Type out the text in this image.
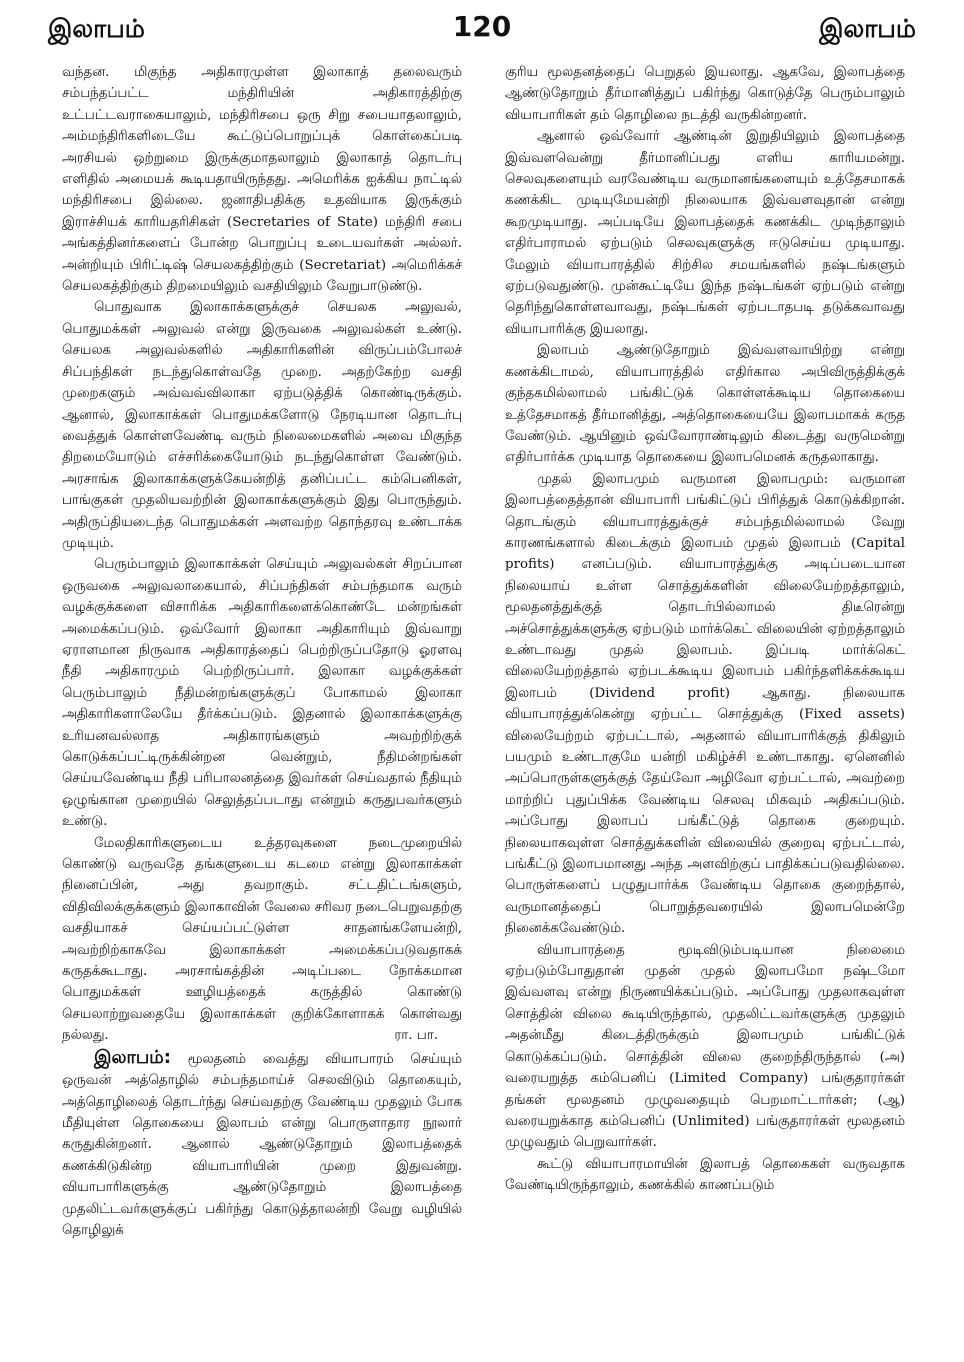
இலாபம்	120	இலாபம்

வந்தன. மிகுந்த அதிகாரமுள்ள இலாகாத் தலைவரும் சம்பந்தப்பட்ட மந்திரியின் அதிகாரத்திற்கு உட்பட்டவராகையாலும், மந்திரிசபை ஒரு சிறு சபையாதலாலும், அம்மந்திரிகளிடையே கூட்டுப்பொறுப்புக் கொள்கைப்படி அரசியல் ஒற்றுமை இருக்குமாதலாலும் இலாகாத் தொடர்பு எளிதில் அமையக் கூடியதாயிருந்தது. அமெரிக்க ஐக்கிய நாட்டில் மந்திரிசபை இல்லை. ஜனாதிபதிக்கு உதவியாக இருக்கும் இராச்சியக் காரியதரிசிகள் (Secretaries of State) மந்திரி சபை அங்கத்தினர்களைப் போன்ற பொறுப்பு உடையவர்கள் அல்லர். அன்றியும் பிரிட்டிஷ் செயலகத்திற்கும் (Secretariat) அமெரிக்கச் செயலகத்திற்கும் திறமையிலும் வசதியிலும் வேறுபாடுண்டு.

பொதுவாக இலாகாக்களுக்குச் செயலக அலுவல், பொதுமக்கள் அலுவல் என்று இருவகை அலுவல்கள் உண்டு. செயலக அலுவல்களில் அதிகாரிகளின் விருப்பம்போலச் சிப்பந்திகள் நடந்துகொள்வதே முறை. அதற்கேற்ற வசதி முறைகளும் அவ்வவ்விலாகா ஏற்படுத்திக் கொண்டிருக்கும். ஆனால், இலாகாக்கள் பொதுமக்களோடு நேரடியான தொடர்பு வைத்துக் கொள்ளவேண்டி வரும் நிலைமைகளில் அவை மிகுந்த திறமையோடும் எச்சரிக்கையோடும் நடந்துகொள்ள வேண்டும். அரசாங்க இலாகாக்களுக்கேயன்றித் தனிப்பட்ட கம்பெனிகள், பாங்குகள் முதலியவற்றின் இலாகாக்களுக்கும் இது பொருந்தும். அதிருப்தியடைந்த பொதுமக்கள் அளவற்ற தொந்தரவு உண்டாக்க முடியும்.

பெரும்பாலும் இலாகாக்கள் செய்யும் அலுவல்கள் சிறப்பான ஒருவகை அலுவலாகையால், சிப்பந்திகள் சம்பந்தமாக வரும் வழக்குக்களை விசாரிக்க அதிகாரிகளைக்கொண்டே மன்றங்கள் அமைக்கப்படும். ஒவ்வோர் இலாகா அதிகாரியும் இவ்வாறு ஏராளமான நிருவாக அதிகாரத்தைப் பெற்றிருப்பதோடு ஓரளவு நீதி அதிகாரமும் பெற்றிருப்பார். இலாகா வழக்குக்கள் பெரும்பாலும் நீதிமன்றங்களுக்குப் போகாமல் இலாகா அதிகாரிகளாலேயே தீர்க்கப்படும். இதனால் இலாகாக்களுக்கு உரியனவல்லாத அதிகாரங்களும் அவற்றிற்குக் கொடுக்கப்பட்டிருக்கின்றன வென்றும், நீதிமன்றங்கள் செய்யவேண்டிய நீதி பரிபாலனத்தை இவர்கள் செய்வதால் நீதியும் ஒழுங்கான முறையில் செலுத்தப்படாது என்றும் கருதுபவர்களும் உண்டு.

மேலதிகாரிகளுடைய உத்தரவுகளை நடைமுறையில் கொண்டு வருவதே தங்களுடைய கடமை என்று இலாகாக்கள் நினைப்பின், அது தவறாகும். சட்டதிட்டங்களும், விதிவிலக்குக்களும் இலாகாவின் வேலை சரிவர நடைபெறுவதற்கு வசதியாகச் செய்யப்பட்டுள்ள சாதனங்களேயன்றி, அவற்றிற்காகவே இலாகாக்கள் அமைக்கப்படுவதாகக் கருதக்கூடாது. அரசாங்கத்தின் அடிப்படை நோக்கமான பொதுமக்கள் ஊழியத்தைக் கருத்தில் கொண்டு செயலாற்றுவதையே இலாகாக்கள் குறிக்கோளாகக் கொள்வது நல்லது.	ரா. பா.

இலாபம்: மூலதனம் வைத்து வியாபாரம் செய்யும் ஒருவன் அத்தொழில் சம்பந்தமாய்ச் செலவிடும் தொகையும், அத்தொழிலைத் தொடர்ந்து செய்வதற்கு வேண்டிய முதலும் போக மீதியுள்ள தொகையை இலாபம் என்று பொருளாதார நூலார் கருதுகின்றனர். ஆனால் ஆண்டுதோறும் இலாபத்தைக் கணக்கிடுகின்ற வியாபாரியின் முறை இதுவன்று. வியாபாரிகளுக்கு ஆண்டுதோறும் இலாபத்தை முதலிட்டவர்களுக்குப் பகிர்ந்து கொடுத்தாலன்றி வேறு வழியில் தொழிலுக்

குரிய மூலதனத்தைப் பெறுதல் இயலாது. ஆகவே, இலாபத்தை ஆண்டுதோறும் தீர்மானித்துப் பகிர்ந்து கொடுத்தே பெரும்பாலும் வியாபாரிகள் தம் தொழிலை நடத்தி வருகின்றனர்.

ஆனால் ஒவ்வோர் ஆண்டின் இறுதியிலும் இலாபத்தை இவ்வளவென்று தீர்மானிப்பது எளிய காரியமன்று. செலவுகளையும் வரவேண்டிய வருமானங்களையும் உத்தேசமாகக் கணக்கிட முடியுமேயன்றி நிலையாக இவ்வளவுதான் என்று கூறமுடியாது. அப்படியே இலாபத்தைக் கணக்கிட முடிந்தாலும் எதிர்பாராமல் ஏற்படும் செலவுகளுக்கு ஈடுசெய்ய முடியாது. மேலும் வியாபாரத்தில் சிற்சில சமயங்களில் நஷ்டங்களும் ஏற்படுவதுண்டு. முன்கூட்டியே இந்த நஷ்டங்கள் ஏற்படும் என்று தெரிந்துகொள்ளவாவது, நஷ்டங்கள் ஏற்படாதபடி தடுக்கவாவது வியாபாரிக்கு இயலாது.

இலாபம் ஆண்டுதோறும் இவ்வளவாயிற்று என்று கணக்கிடாமல், வியாபாரத்தில் எதிர்கால அபிவிருத்திக்குக் குந்தகமில்லாமல் பங்கிட்டுக் கொள்ளக்கூடிய தொகையை உத்தேசமாகத் தீர்மானித்து, அத்தொகையையே இலாபமாகக் கருத வேண்டும். ஆயினும் ஒவ்வோராண்டிலும் கிடைத்து வருமென்று எதிர்பார்க்க முடியாத தொகையை இலாபமெனக் கருதலாகாது.

முதல் இலாபமும் வருமான இலாபமும்: வருமான இலாபத்தைத்தான் வியாபாரி பங்கிட்டுப் பிரித்துக் கொடுக்கிறான். தொடங்கும் வியாபாரத்துக்குச் சம்பந்தமில்லாமல் வேறு காரணங்களால் கிடைக்கும் இலாபம் முதல் இலாபம் (Capital profits) எனப்படும். வியாபாரத்துக்கு அடிப்படையான நிலையாய் உள்ள சொத்துக்களின் விலையேற்றத்தாலும், மூலதனத்துக்குத் தொடர்பில்லாமல் திடீரென்று அச்சொத்துக்களுக்கு ஏற்படும் மார்க்கெட் விலையின் ஏற்றத்தாலும் உண்டாவது முதல் இலாபம். இப்படி மார்க்கெட் விலையேற்றத்தால் ஏற்படக்கூடிய இலாபம் பகிர்ந்தளிக்கக்கூடிய இலாபம் (Dividend profit) ஆகாது. நிலையாக வியாபாரத்துக்கென்று ஏற்பட்ட சொத்துக்கு (Fixed assets) விலையேற்றம் ஏற்பட்டால், அதனால் வியாபாரிக்குத் திகிலும் பயமும் உண்டாகுமே யன்றி மகிழ்ச்சி உண்டாகாது. ஏனெனில் அப்பொருள்களுக்குத் தேய்வோ அழிவோ ஏற்பட்டால், அவற்றை மாற்றிப் புதுப்பிக்க வேண்டிய செலவு மிகவும் அதிகப்படும். அப்போது இலாபப் பங்கீட்டுத் தொகை குறையும். நிலையாகவுள்ள சொத்துக்களின் விலையில் குறைவு ஏற்பட்டால், பங்கீட்டு இலாபமானது அந்த அளவிற்குப் பாதிக்கப்படுவதில்லை. பொருள்களைப் பழுதுபார்க்க வேண்டிய தொகை குறைந்தால், வருமானத்தைப் பொறுத்தவரையில் இலாபமென்றே நினைக்கவேண்டும்.

வியாபாரத்தை மூடிவிடும்படியான நிலைமை ஏற்படும்போதுதான் முதன் முதல் இலாபமோ நஷ்டமோ இவ்வளவு என்று நிருணயிக்கப்படும். அப்போது முதலாகவுள்ள சொத்தின் விலை கூடியிருந்தால், முதலிட்டவர்களுக்கு முதலும் அதன்மீது கிடைத்திருக்கும் இலாபமும் பங்கிட்டுக் கொடுக்கப்படும். சொத்தின் விலை குறைந்திருந்தால் (அ) வரையறுத்த கம்பெனிப் (Limited Company) பங்குதாரர்கள் தங்கள் மூலதனம் முழுவதையும் பெறமாட்டார்கள்; (ஆ) வரையறுக்காத கம்பெனிப் (Unlimited) பங்குதாரர்கள் மூலதனம் முழுவதும் பெறுவார்கள்.

கூட்டு வியாபாரமாயின் இலாபத் தொகைகள் வருவதாக வேண்டியிருந்தாலும், கணக்கில் காணப்படும்
